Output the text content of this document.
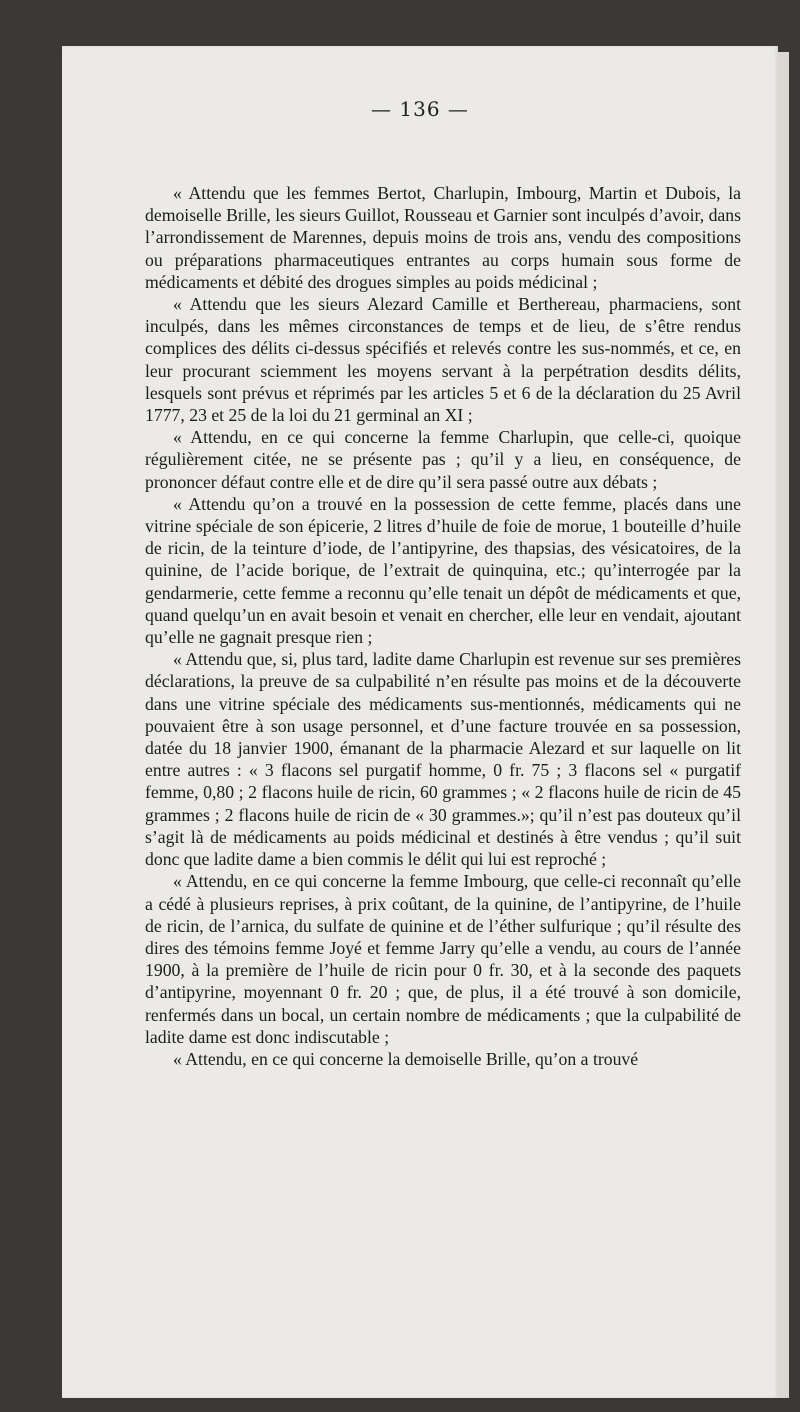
— 136 —

« Attendu que les femmes Bertot, Charlupin, Imbourg, Martin et Dubois, la demoiselle Brille, les sieurs Guillot, Rousseau et Garnier sont inculpés d’avoir, dans l’arrondissement de Marennes, depuis moins de trois ans, vendu des compositions ou préparations pharmaceutiques entrantes au corps humain sous forme de médicaments et débité des drogues simples au poids médicinal ;

« Attendu que les sieurs Alezard Camille et Berthereau, pharmaciens, sont inculpés, dans les mêmes circonstances de temps et de lieu, de s’être rendus complices des délits ci-dessus spécifiés et relevés contre les sus-nommés, et ce, en leur procurant sciemment les moyens servant à la perpétration desdits délits, lesquels sont prévus et réprimés par les articles 5 et 6 de la déclaration du 25 Avril 1777, 23 et 25 de la loi du 21 germinal an XI ;

« Attendu, en ce qui concerne la femme Charlupin, que celle-ci, quoique régulièrement citée, ne se présente pas ; qu’il y a lieu, en conséquence, de prononcer défaut contre elle et de dire qu’il sera passé outre aux débats ;

« Attendu qu’on a trouvé en la possession de cette femme, placés dans une vitrine spéciale de son épicerie, 2 litres d’huile de foie de morue, 1 bouteille d’huile de ricin, de la teinture d’iode, de l’antipyrine, des thapsias, des vésicatoires, de la quinine, de l’acide borique, de l’extrait de quinquina, etc.; qu’interrogée par la gendarmerie, cette femme a reconnu qu’elle tenait un dépôt de médicaments et que, quand quelqu’un en avait besoin et venait en chercher, elle leur en vendait, ajoutant qu’elle ne gagnait presque rien ;

« Attendu que, si, plus tard, ladite dame Charlupin est revenue sur ses premières déclarations, la preuve de sa culpabilité n’en résulte pas moins et de la découverte dans une vitrine spéciale des médicaments sus-mentionnés, médicaments qui ne pouvaient être à son usage personnel, et d’une facture trouvée en sa possession, datée du 18 janvier 1900, émanant de la pharmacie Alezard et sur laquelle on lit entre autres : « 3 flacons sel purgatif homme, 0 fr. 75 ; 3 flacons sel « purgatif femme, 0,80 ; 2 flacons huile de ricin, 60 grammes ; « 2 flacons huile de ricin de 45 grammes ; 2 flacons huile de ricin de « 30 grammes.»; qu’il n’est pas douteux qu’il s’agit là de médicaments au poids médicinal et destinés à être vendus ; qu’il suit donc que ladite dame a bien commis le délit qui lui est reproché ;

« Attendu, en ce qui concerne la femme Imbourg, que celle-ci reconnaît qu’elle a cédé à plusieurs reprises, à prix coûtant, de la quinine, de l’antipyrine, de l’huile de ricin, de l’arnica, du sulfate de quinine et de l’éther sulfurique ; qu’il résulte des dires des témoins femme Joyé et femme Jarry qu’elle a vendu, au cours de l’année 1900, à la première de l’huile de ricin pour 0 fr. 30, et à la seconde des paquets d’antipyrine, moyennant 0 fr. 20 ; que, de plus, il a été trouvé à son domicile, renfermés dans un bocal, un certain nombre de médicaments ; que la culpabilité de ladite dame est donc indiscutable ;

« Attendu, en ce qui concerne la demoiselle Brille, qu’on a trouvé
